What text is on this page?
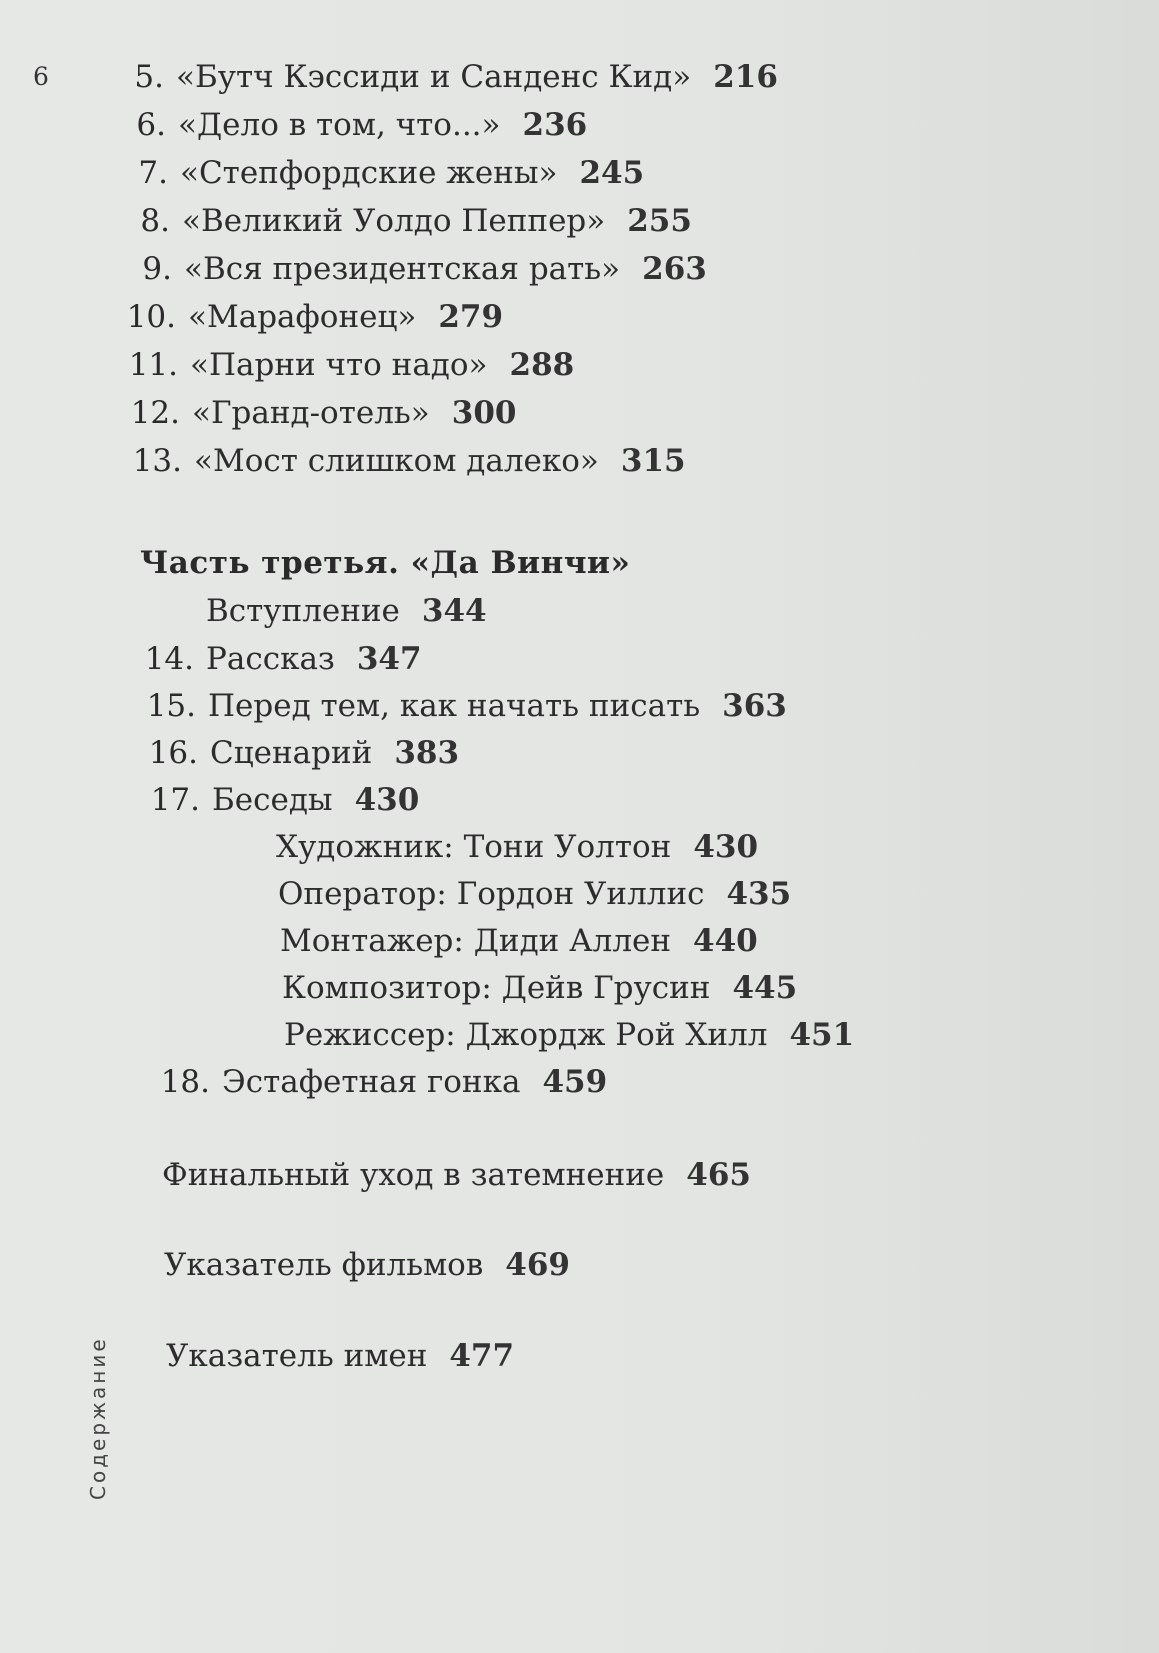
6
Содержание
5. «Бутч Кэссиди и Санденс Кид» 216
6. «Дело в том, что...» 236
7. «Степфордские жены» 245
8. «Великий Уолдо Пеппер» 255
9. «Вся президентская рать» 263
10. «Марафонец» 279
11. «Парни что надо» 288
12. «Гранд-отель» 300
13. «Мост слишком далеко» 315
Часть третья. «Да Винчи»
Вступление 344
14. Рассказ 347
15. Перед тем, как начать писать 363
16. Сценарий 383
17. Беседы 430
Художник: Тони Уолтон 430
Оператор: Гордон Уиллис 435
Монтажер: Диди Аллен 440
Композитор: Дейв Грусин 445
Режиссер: Джордж Рой Хилл 451
18. Эстафетная гонка 459
Финальный уход в затемнение 465
Указатель фильмов 469
Указатель имен 477
